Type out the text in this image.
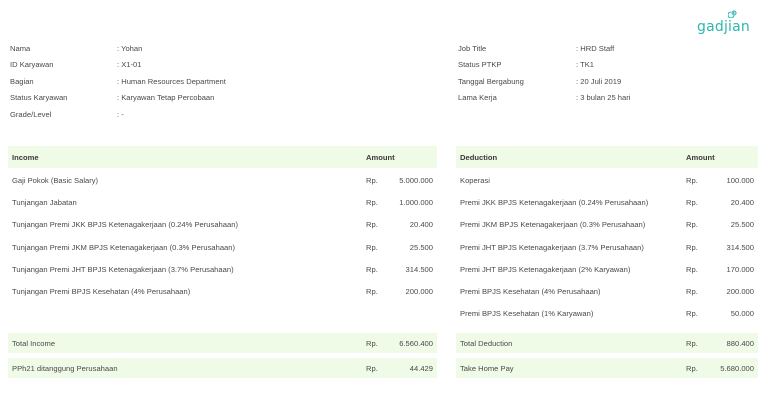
gadjian
Nama	: Yohan
ID Karyawan	: X1-01
Bagian	: Human Resources Department
Status Karyawan	: Karyawan Tetap Percobaan
Grade/Level	: -
Job Title	: HRD Staff
Status PTKP	: TK1
Tanggal Bergabung	: 20 Juli 2019
Lama Kerja	: 3 bulan 25 hari
Income	Amount
Gaji Pokok (Basic Salary)	Rp.	5.000.000
Tunjangan Jabatan	Rp.	1.000.000
Tunjangan Premi JKK BPJS Ketenagakerjaan (0.24% Perusahaan)	Rp.	20.400
Tunjangan Premi JKM BPJS Ketenagakerjaan (0.3% Perusahaan)	Rp.	25.500
Tunjangan Premi JHT BPJS Ketenagakerjaan (3.7% Perusahaan)	Rp.	314.500
Tunjangan Premi BPJS Kesehatan (4% Perusahaan)	Rp.	200.000
Deduction	Amount
Koperasi	Rp.	100.000
Premi JKK BPJS Ketenagakerjaan (0.24% Perusahaan)	Rp.	20.400
Premi JKM BPJS Ketenagakerjaan (0.3% Perusahaan)	Rp.	25.500
Premi JHT BPJS Ketenagakerjaan (3.7% Perusahaan)	Rp.	314.500
Premi JHT BPJS Ketenagakerjaan (2% Karyawan)	Rp.	170.000
Premi BPJS Kesehatan (4% Perusahaan)	Rp.	200.000
Premi BPJS Kesehatan (1% Karyawan)	Rp.	50.000
Total Income	Rp.	6.560.400
PPh21 ditanggung Perusahaan	Rp.	44.429
Total Deduction	Rp.	880.400
Take Home Pay	Rp.	5.680.000
